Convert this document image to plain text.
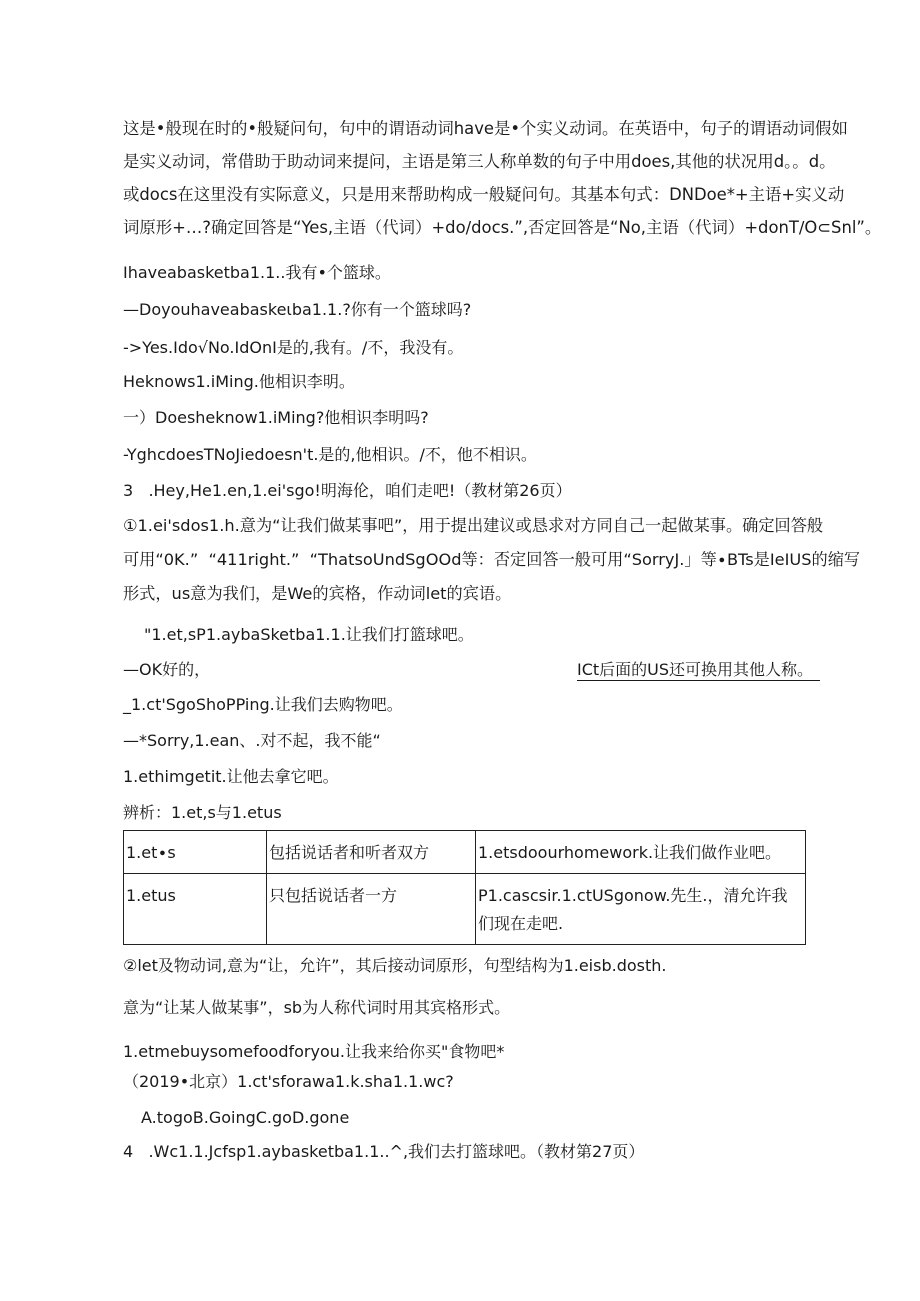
这是•般现在时的•般疑问句，句中的谓语动词have是•个实义动词。在英语中，句子的谓语动词假如
是实义动词，常借助于助动词来提问，主语是第三人称单数的句子中用does,其他的状况用d。。d。
或docs在这里没有实际意义，只是用来帮助构成一般疑问句。其基本句式：DNDoe*+主语+实义动
词原形+…?确定回答是“Yes,主语（代词）+do∕docs.”,否定回答是“No,主语（代词）+donT∕O⊂Snl”。
Ihaveabasketba1.1..我有•个篮球。
—Doyouhaveabaskeιba1.1.?你有一个篮球吗?
->Yes.Ido√No.IdOnI是的,我有。/不，我没有。
Heknows1.iMing.他相识李明。
一）Doesheknow1.iMing?他相识李明吗?
-YghcdoesTNoJiedoesn't.是的,他相识。/不，他不相识。
3   .Hey,He1.en,1.ei'sgo!明海伦，咱们走吧!（教材第26页）
①1.ei'sdos1.h.意为“让我们做某事吧”，用于提出建议或恳求对方同自己一起做某事。确定回答般
可用“0K.”  “411right.”  “ThatsoUndSgOOd等：否定回答一般可用“SorryJ.」等∙BTs是IeIUS的缩写
形式，us意为我们，是We的宾格，作动词let的宾语。
"1.et,sP1.aybaSketba1.1.让我们打篮球吧。
—OK好的，	ICt后面的US还可换用其他人称。
_1.ct'SgoShoPPing.让我们去购物吧。
—*Sorry,1.ean、.对不起，我不能“
1.ethimgetit.让他去拿它吧。
辨析：1.et,s与1.etus
1.et∙s	包括说话者和听者双方	1.etsdoourhomework.让我们做作业吧。
1.etus	只包括说话者一方	P1.cascsir.1.ctUSgonow.先生.，清允许我们现在走吧.
②let及物动词,意为“让，允许”，其后接动词原形，句型结构为1.eisb.dosth.
意为“让某人做某事”，sb为人称代词时用其宾格形式。
1.etmebuysomefoodforyou.让我来给你买"食物吧*
（2019•北京）1.ct'sforawa1.k.sha1.1.wc?
A.togoB.GoingC.goD.gone
4   .Wc1.1.Jcfsp1.aybasketba1.1..^,我们去打篮球吧。（教材第27页）
